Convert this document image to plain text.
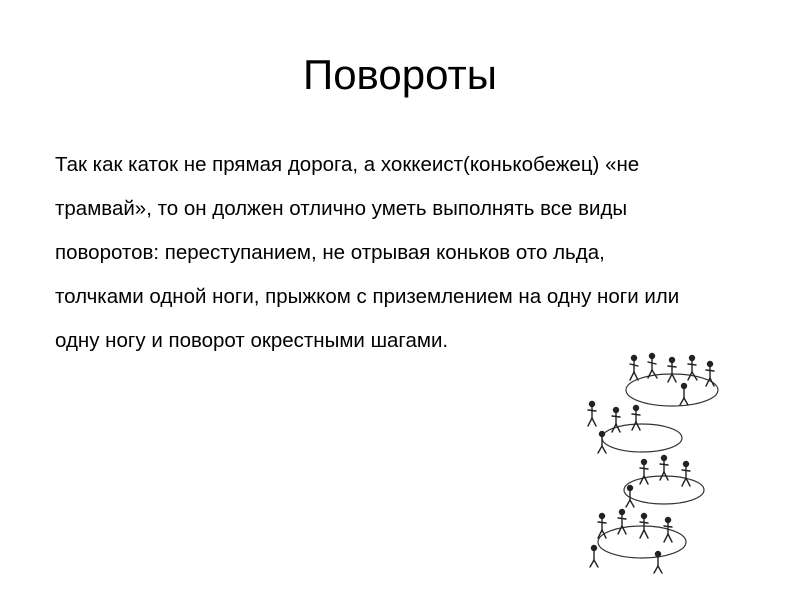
Повороты

Так как каток не прямая дорога, а хоккеист(конькобежец) «не

трамвай», то он должен отлично уметь выполнять все виды

поворотов: переступанием, не отрывая коньков ото льда,

толчками одной ноги, прыжком с приземлением на одну ноги или

одну ногу и поворот окрестными шагами.
